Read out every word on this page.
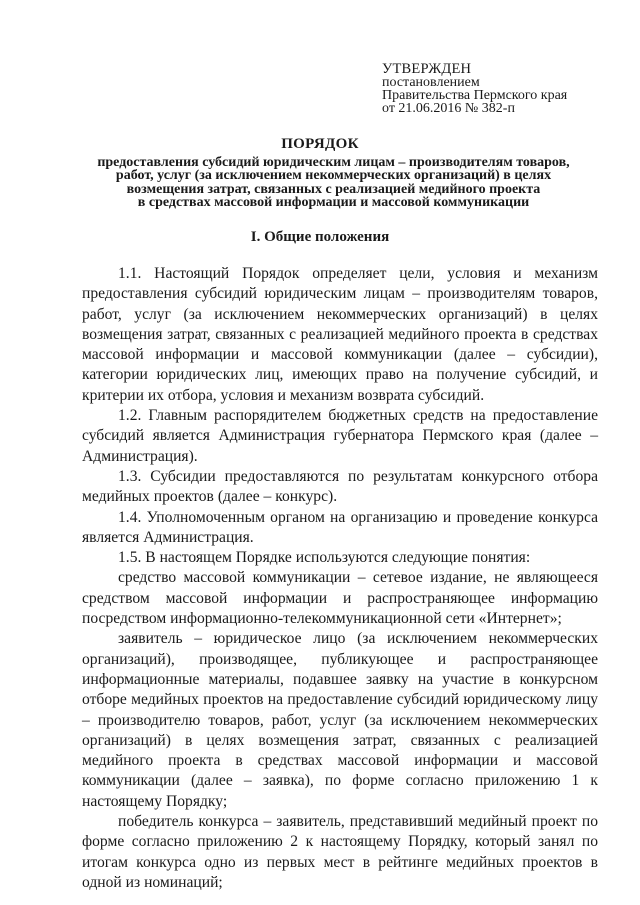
УТВЕРЖДЕН
постановлением
Правительства Пермского края
от 21.06.2016 № 382-п
ПОРЯДОК
предоставления субсидий юридическим лицам – производителям товаров,
работ, услуг (за исключением некоммерческих организаций) в целях
возмещения затрат, связанных с реализацией медийного проекта
в средствах массовой информации и массовой коммуникации
I. Общие положения

1.1. Настоящий Порядок определяет цели, условия и механизм предоставления субсидий юридическим лицам – производителям товаров, работ, услуг (за исключением некоммерческих организаций) в целях возмещения затрат, связанных с реализацией медийного проекта в средствах массовой информации и массовой коммуникации (далее – субсидии), категории юридических лиц, имеющих право на получение субсидий, и критерии их отбора, условия и механизм возврата субсидий.

1.2. Главным распорядителем бюджетных средств на предоставление субсидий является Администрация губернатора Пермского края (далее – Администрация).

1.3. Субсидии предоставляются по результатам конкурсного отбора медийных проектов (далее – конкурс).

1.4. Уполномоченным органом на организацию и проведение конкурса является Администрация.

1.5. В настоящем Порядке используются следующие понятия:

средство массовой коммуникации – сетевое издание, не являющееся средством массовой информации и распространяющее информацию посредством информационно-телекоммуникационной сети «Интернет»;

заявитель – юридическое лицо (за исключением некоммерческих организаций), производящее, публикующее и распространяющее информационные материалы, подавшее заявку на участие в конкурсном отборе медийных проектов на предоставление субсидий юридическому лицу – производителю товаров, работ, услуг (за исключением некоммерческих организаций) в целях возмещения затрат, связанных с реализацией медийного проекта в средствах массовой информации и массовой коммуникации (далее – заявка), по форме согласно приложению 1 к настоящему Порядку;

победитель конкурса – заявитель, представивший медийный проект по форме согласно приложению 2 к настоящему Порядку, который занял по итогам конкурса одно из первых мест в рейтинге медийных проектов в одной из номинаций;
